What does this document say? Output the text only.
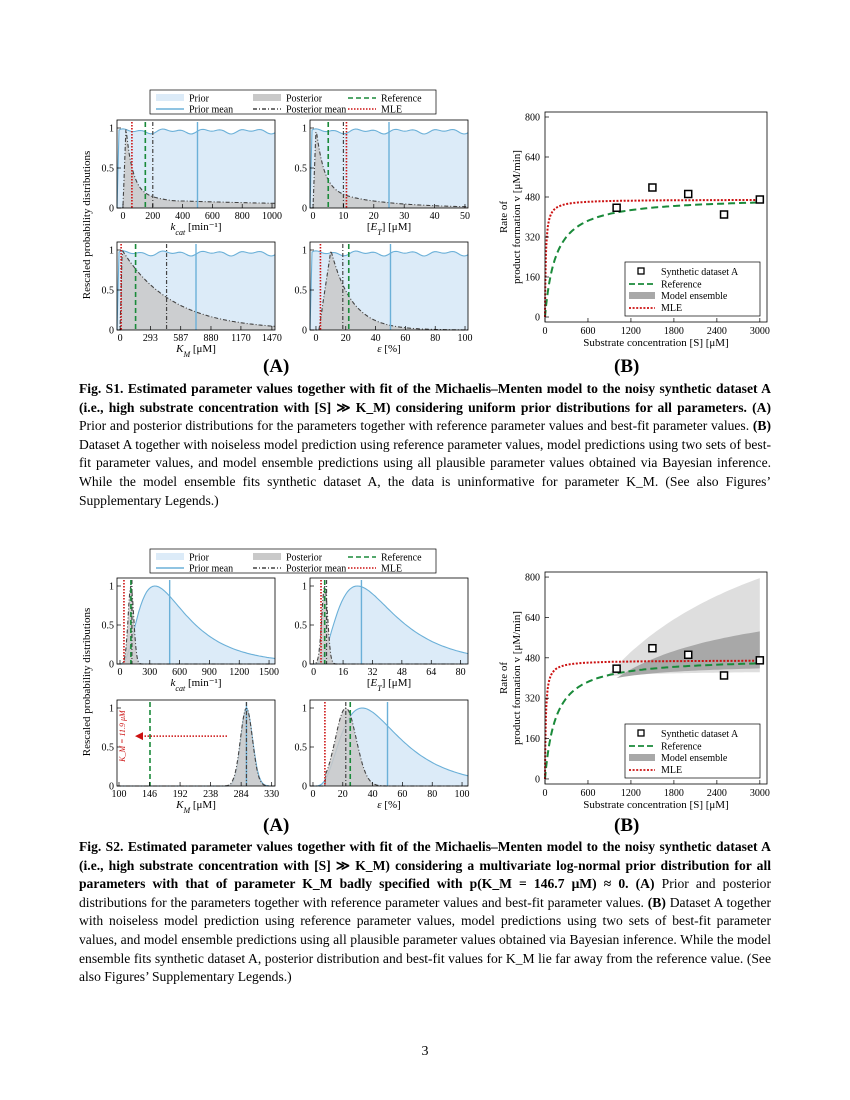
Prior	Posterior	Reference
Prior mean	Posterior mean	MLE
Rescaled probability distributions 0
0.5
1
0 200 400 600 800 1000
$k_{cat}$ [min⁻¹]
0
0.5
1
0 10 20 30 40 50
$[E_T]$ [μM]
0
0.5
1
0 293 587 880 1170 1470
$K_M$ [μM]
0
0.5
1
0 20 40 60 80 100
ε [%]
0
160
320
480
640
800
0	600	1200 1800 2400 3000
Substrate concentration [S] [μM]
Rate of product formation v [μM/min]	Synthetic dataset A
Reference
Model ensemble
MLE
(A)	(B)
Fig. S1. Estimated parameter values together with fit of the Michaelis–Menten model to the noisy synthetic dataset A (i.e., high substrate concentration with [S] ≫ K_M) considering uniform prior distributions for all parameters. (A) Prior and posterior distributions for the parameters together with reference parameter values and best-fit parameter values. (B) Dataset A together with noiseless model prediction using reference parameter values, model predictions using two sets of best-fit parameter values, and model ensemble predictions using all plausible parameter values obtained via Bayesian inference. While the model ensemble fits synthetic dataset A, the data is uninformative for parameter K_M. (See also Figures’ Supplementary Legends.)
Prior	Posterior	Reference
Prior mean	Posterior mean	MLE
Rescaled probability distributions 0
0.5
1
0 300 600 900 1200 1500
$k_{cat}$ [min⁻¹]
0
0.5
1
0 16 32 48 64 80
$[E_T]$ [μM]
0
0.5
1
100 146 192 238 284 330
$K_M$ [μM]
K_M = 11.9 μM
0
0.5
1
0 20 40 60 80 100
ε [%]
0
160
320
480
640
800
0	600	1200 1800 2400 3000
Substrate concentration [S] [μM]
Rate of product formation v [μM/min]	Synthetic dataset A
Reference
Model ensemble
MLE
(A)	(B)
Fig. S2. Estimated parameter values together with fit of the Michaelis–Menten model to the noisy synthetic dataset A (i.e., high substrate concentration with [S] ≫ K_M) considering a multivariate log-normal prior distribution for all parameters with that of parameter K_M badly specified with p(K_M = 146.7 μM) ≈ 0. (A) Prior and posterior distributions for the parameters together with reference parameter values and best-fit parameter values. (B) Dataset A together with noiseless model prediction using reference parameter values, model predictions using two sets of best-fit parameter values, and model ensemble predictions using all plausible parameter values obtained via Bayesian inference. While the model ensemble fits synthetic dataset A, posterior distribution and best-fit values for K_M lie far away from the reference value. (See also Figures’ Supplementary Legends.)
3
